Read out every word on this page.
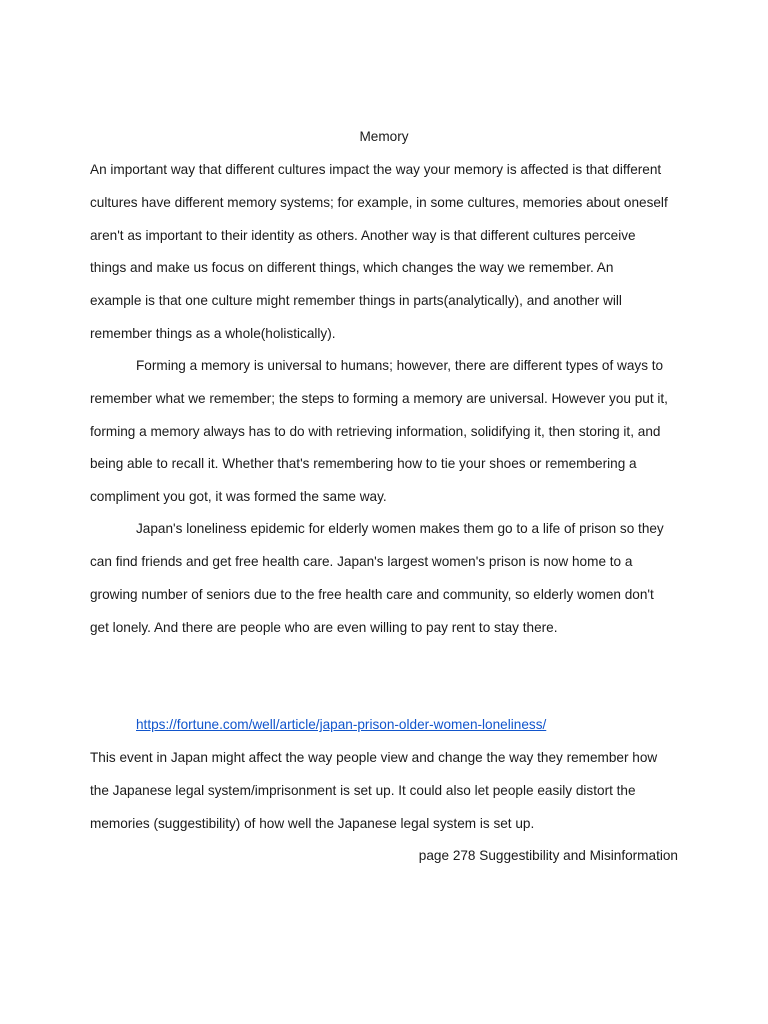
Memory
An important way that different cultures impact the way your memory is affected is that different
cultures have different memory systems; for example, in some cultures, memories about oneself
aren't as important to their identity as others. Another way is that different cultures perceive
things and make us focus on different things, which changes the way we remember. An
example is that one culture might remember things in parts(analytically), and another will
remember things as a whole(holistically).
Forming a memory is universal to humans; however, there are different types of ways to
remember what we remember; the steps to forming a memory are universal. However you put it,
forming a memory always has to do with retrieving information, solidifying it, then storing it, and
being able to recall it. Whether that's remembering how to tie your shoes or remembering a
compliment you got, it was formed the same way.
Japan's loneliness epidemic for elderly women makes them go to a life of prison so they
can find friends and get free health care. Japan's largest women's prison is now home to a
growing number of seniors due to the free health care and community, so elderly women don't
get lonely. And there are people who are even willing to pay rent to stay there.
https://fortune.com/well/article/japan-prison-older-women-loneliness/
This event in Japan might affect the way people view and change the way they remember how
the Japanese legal system/imprisonment is set up. It could also let people easily distort the
memories (suggestibility) of how well the Japanese legal system is set up.
page 278 Suggestibility and Misinformation
